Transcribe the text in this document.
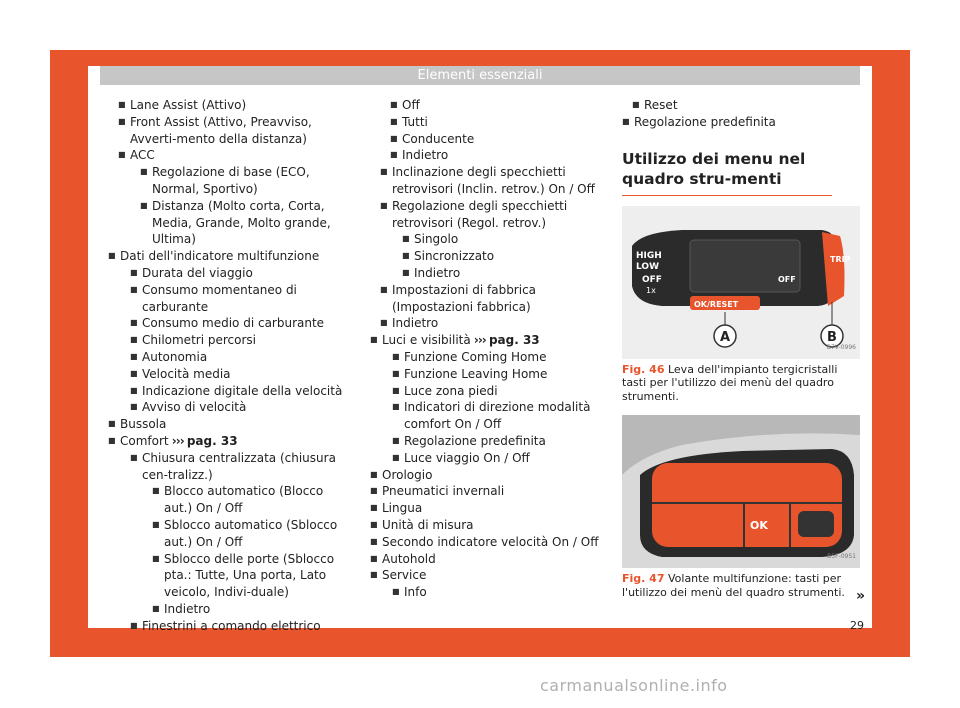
Elementi essenziali
■ Lane Assist (Attivo)
■ Front Assist (Attivo, Preavviso, Avverti-mento della distanza)
■ ACC
■ Regolazione di base (ECO, Normal, Sportivo)
■ Distanza (Molto corta, Corta, Media, Grande, Molto grande, Ultima)
■ Dati dell'indicatore multifunzione
■ Durata del viaggio
■ Consumo momentaneo di carburante
■ Consumo medio di carburante
■ Chilometri percorsi
■ Autonomia
■ Velocità media
■ Indicazione digitale della velocità
■ Avviso di velocità
■ Bussola
■ Comfort ››› pag. 33
■ Chiusura centralizzata (chiusura cen-tralizz.)
■ Blocco automatico (Blocco aut.) On / Off
■ Sblocco automatico (Sblocco aut.) On / Off
■ Sblocco delle porte (Sblocco pta.: Tutte, Una porta, Lato veicolo, Indivi-duale)
■ Indietro
■ Finestrini a comando elettrico
■ Off
■ Tutti
■ Conducente
■ Indietro
■ Inclinazione degli specchietti retrovisori (Inclin. retrov.) On / Off
■ Regolazione degli specchietti retrovisori (Regol. retrov.)
■ Singolo
■ Sincronizzato
■ Indietro
■ Impostazioni di fabbrica (Impostazioni fabbrica)
■ Indietro
■ Luci e visibilità ››› pag. 33
■ Funzione Coming Home
■ Funzione Leaving Home
■ Luce zona piedi
■ Indicatori di direzione modalità comfort On / Off
■ Regolazione predefinita
■ Luce viaggio On / Off
■ Orologio
■ Pneumatici invernali
■ Lingua
■ Unità di misura
■ Secondo indicatore velocità On / Off
■ Autohold
■ Service
■ Info
■ Reset
■ Regolazione predefinita
Utilizzo dei menu nel quadro stru-menti
HIGH
LOW
OFF
1x
OFF
TRIP
OK/RESET
A	B
B7V-0996
Fig. 46 Leva dell'impianto tergicristalli tasti per l'utilizzo dei menù del quadro strumenti.
OK
B5F-0951
Fig. 47 Volante multifunzione: tasti per l'utilizzo dei menù del quadro strumenti. »
29
carmanualsonline.info
